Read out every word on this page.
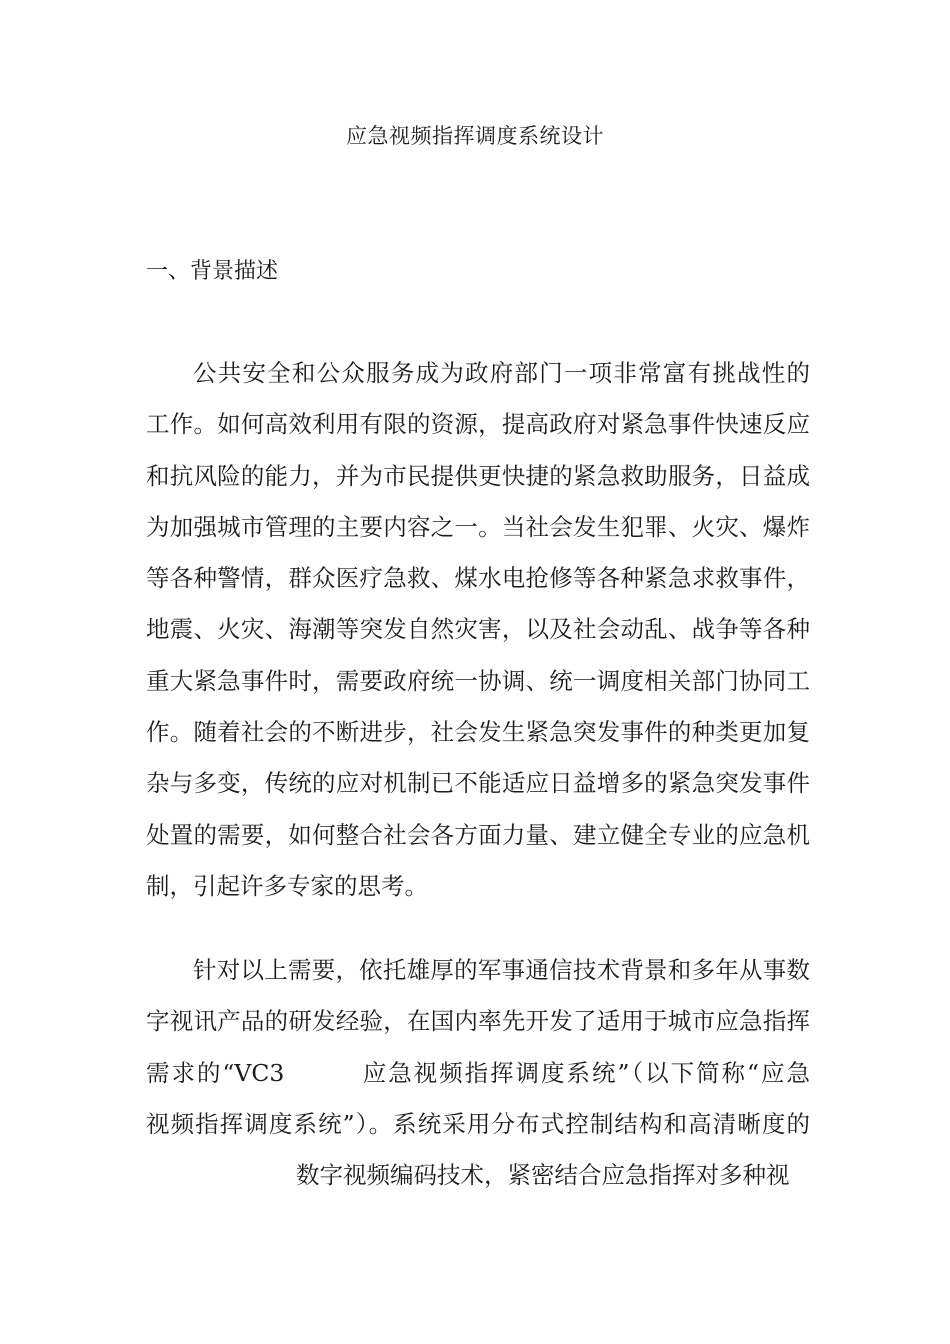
应急视频指挥调度系统设计
一、背景描述
公共安全和公众服务成为政府部门一项非常富有挑战性的
工作。如何高效利用有限的资源，提高政府对紧急事件快速反应
和抗风险的能力，并为市民提供更快捷的紧急救助服务，日益成
为加强城市管理的主要内容之一。当社会发生犯罪、火灾、爆炸
等各种警情，群众医疗急救、煤水电抢修等各种紧急求救事件，
地震、火灾、海潮等突发自然灾害，以及社会动乱、战争等各种
重大紧急事件时，需要政府统一协调、统一调度相关部门协同工
作。随着社会的不断进步，社会发生紧急突发事件的种类更加复
杂与多变，传统的应对机制已不能适应日益增多的紧急突发事件
处置的需要，如何整合社会各方面力量、建立健全专业的应急机
制，引起许多专家的思考。
针对以上需要，依托雄厚的军事通信技术背景和多年从事数
字视讯产品的研发经验，在国内率先开发了适用于城市应急指挥
需求的“VC3　　　应急视频指挥调度系统”（以下简称“应急
视频指挥调度系统”）。系统采用分布式控制结构和高清晰度的
数字视频编码技术，紧密结合应急指挥对多种视
